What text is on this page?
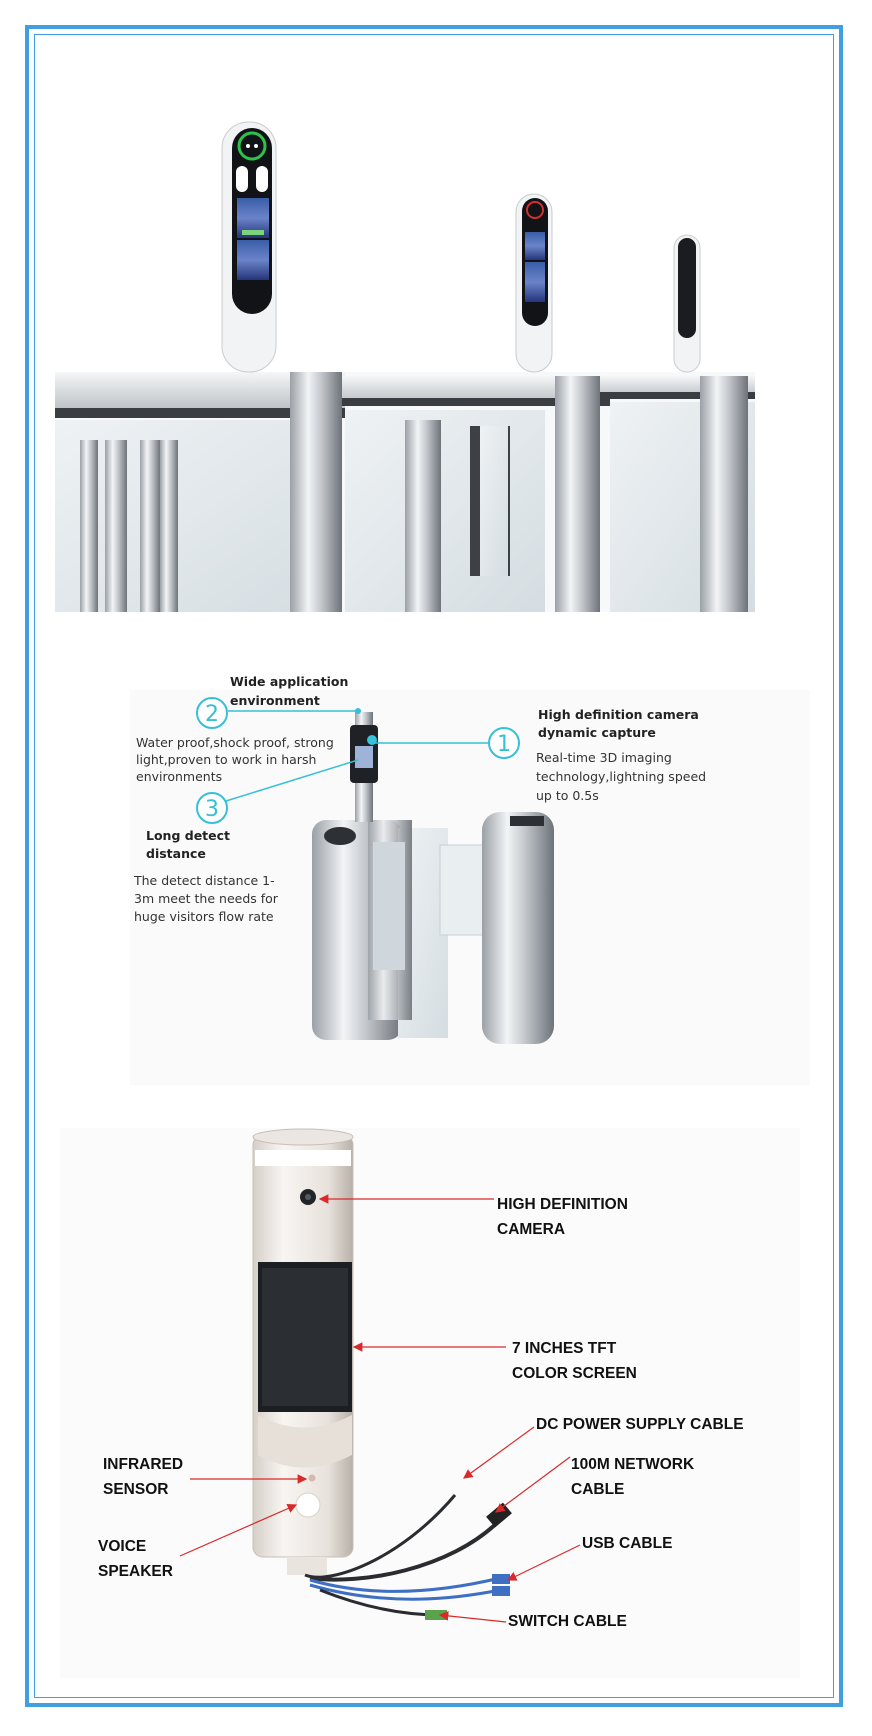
2
1
3
Wide application
environment
Water proof,shock proof, strong
light,proven to work in harsh
environments
High definition camera
dynamic capture
Real-time 3D imaging
technology,lightning speed
up to 0.5s
Long detect
distance
The detect distance 1-
3m meet the needs for
huge visitors flow rate
HIGH DEFINITION
CAMERA
7 INCHES TFT
COLOR SCREEN
DC POWER SUPPLY CABLE
100M NETWORK
CABLE
USB CABLE
SWITCH CABLE
INFRARED
SENSOR
VOICE
SPEAKER
